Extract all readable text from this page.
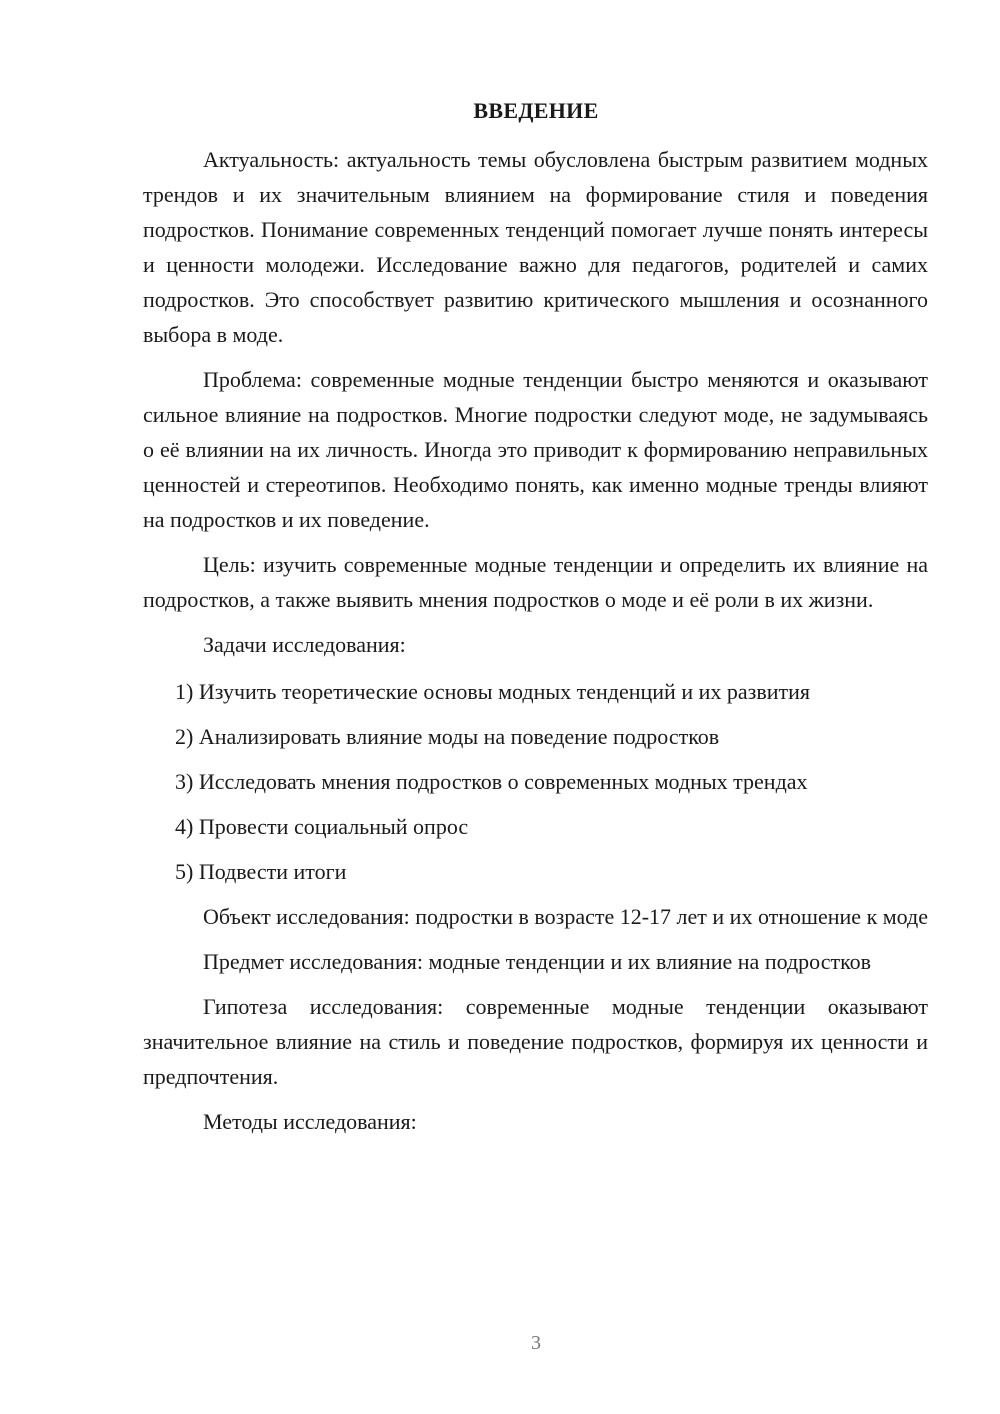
ВВЕДЕНИЕ

Актуальность: актуальность темы обусловлена быстрым развитием модных трендов и их значительным влиянием на формирование стиля и поведения подростков. Понимание современных тенденций помогает лучше понять интересы и ценности молодежи. Исследование важно для педагогов, родителей и самих подростков. Это способствует развитию критического мышления и осознанного выбора в моде.

Проблема: современные модные тенденции быстро меняются и оказывают сильное влияние на подростков. Многие подростки следуют моде, не задумываясь о её влиянии на их личность. Иногда это приводит к формированию неправильных ценностей и стереотипов. Необходимо понять, как именно модные тренды влияют на подростков и их поведение.

Цель: изучить современные модные тенденции и определить их влияние на подростков, а также выявить мнения подростков о моде и её роли в их жизни.

Задачи исследования:

1) Изучить теоретические основы модных тенденций и их развития
2) Анализировать влияние моды на поведение подростков
3) Исследовать мнения подростков о современных модных трендах
4) Провести социальный опрос
5) Подвести итоги

Объект исследования: подростки в возрасте 12-17 лет и их отношение к моде

Предмет исследования: модные тенденции и их влияние на подростков

Гипотеза исследования: современные модные тенденции оказывают значительное влияние на стиль и поведение подростков, формируя их ценности и предпочтения.

Методы исследования:

3
